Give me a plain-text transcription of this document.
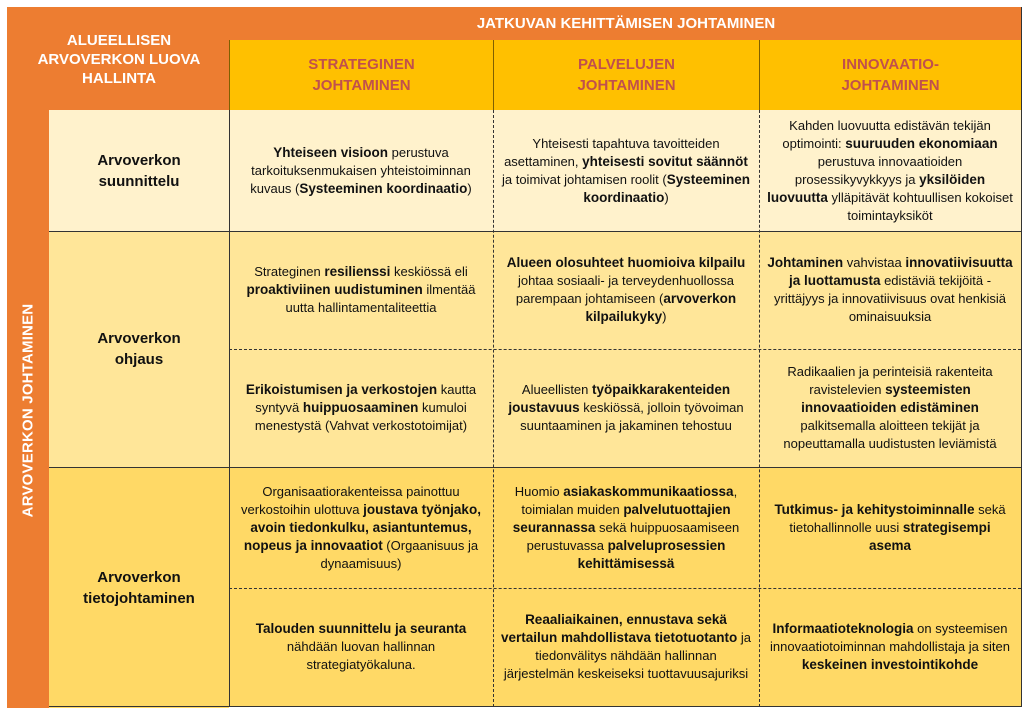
JATKUVAN KEHITTÄMISEN JOHTAMINEN
ALUEELLISEN
ARVOVERKON LUOVA
HALLINTA
ARVOVERKON JOHTAMINEN
STRATEGINEN
JOHTAMINEN
PALVELUJEN
JOHTAMINEN
INNOVAATIO-
JOHTAMINEN
Arvoverkon
suunnittelu
Arvoverkon
ohjaus
Arvoverkon
tietojohtaminen

Yhteiseen visioon perustuva tarkoituksenmukaisen yhteistoiminnan kuvaus (Systeeminen koordinaatio)

Yhteisesti tapahtuva tavoitteiden asettaminen, yhteisesti sovitut säännöt ja toimivat johtamisen roolit (Systeeminen koordinaatio)

Kahden luovuutta edistävän tekijän optimointi: suuruuden ekonomiaan perustuva innovaatioiden prosessikyvykkyys ja yksilöiden luovuutta ylläpitävät kohtuullisen kokoiset toimintayksiköt

Strateginen resilienssi keskiössä eli proaktiviinen uudistuminen ilmentää uutta hallintamentaliteettia

Alueen olosuhteet huomioiva kilpailu johtaa sosiaali- ja terveydenhuollossa parempaan johtamiseen (arvoverkon kilpailukyky)

Johtaminen vahvistaa innovatiivisuutta ja luottamusta edistäviä tekijöitä - yrittäjyys ja innovatiivisuus ovat henkisiä ominaisuuksia

Erikoistumisen ja verkostojen kautta syntyvä huippuosaaminen kumuloi menestystä (Vahvat verkostotoimijat)

Alueellisten työpaikkarakenteiden joustavuus keskiössä, jolloin työvoiman suuntaaminen ja jakaminen tehostuu

Radikaalien ja perinteisiä rakenteita ravistelevien systeemisten innovaatioiden edistäminen palkitsemalla aloitteen tekijät ja nopeuttamalla uudistusten leviämistä

Organisaatiorakenteissa painottuu verkostoihin ulottuva joustava työnjako, avoin tiedonkulku, asiantuntemus, nopeus ja innovaatiot (Orgaanisuus ja dynaamisuus)

Huomio asiakaskommunikaatiossa, toimialan muiden palvelutuottajien seurannassa sekä huippuosaamiseen perustuvassa palveluprosessien kehittämisessä

Tutkimus- ja kehitystoiminnalle sekä tietohallinnolle uusi strategisempi asema

Talouden suunnittelu ja seuranta nähdään luovan hallinnan strategiatyökaluna.

Reaaliaikainen, ennustava sekä vertailun mahdollistava tietotuotanto ja tiedonvälitys nähdään hallinnan järjestelmän keskeiseksi tuottavuusajuriksi

Informaatioteknologia on systeemisen innovaatiotoiminnan mahdollistaja ja siten keskeinen investointikohde
